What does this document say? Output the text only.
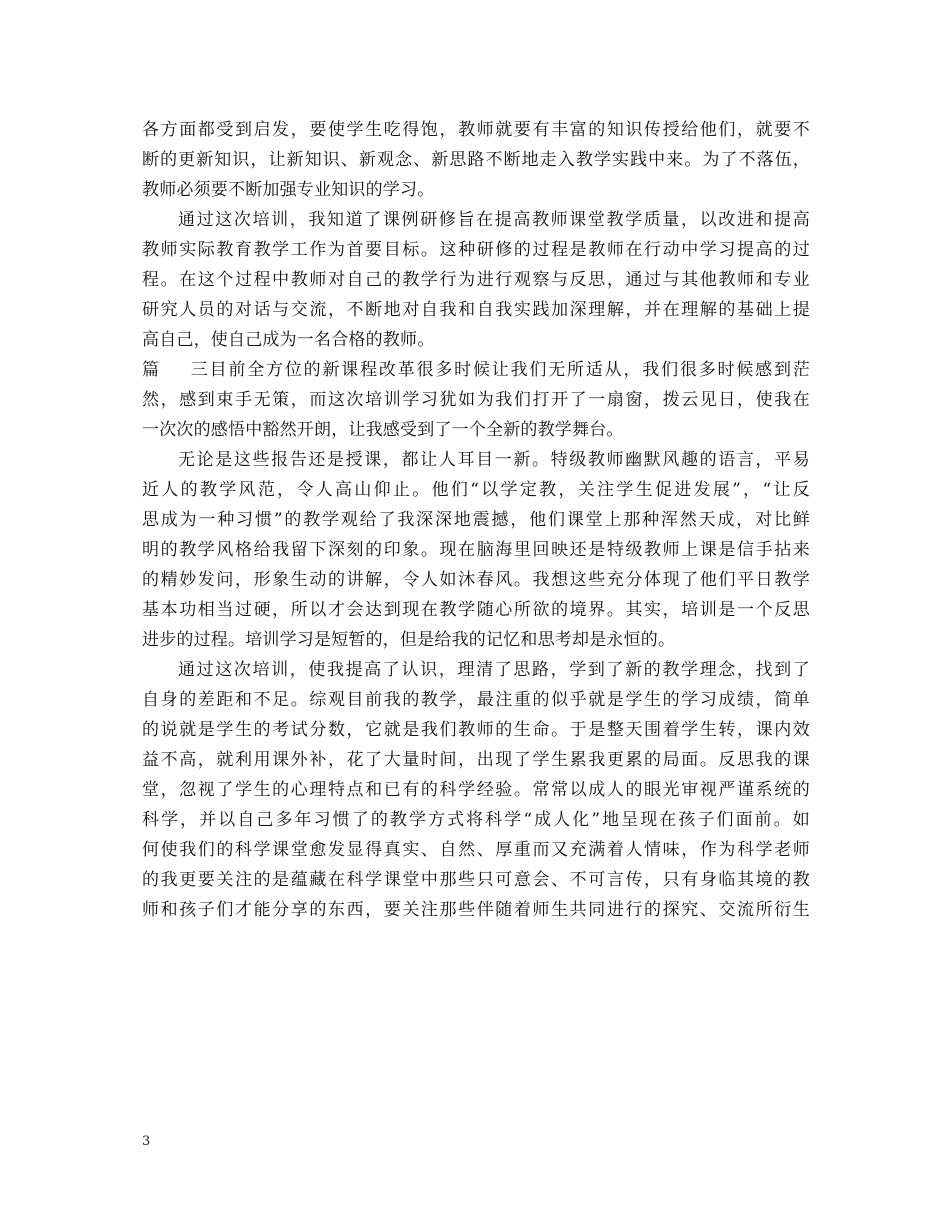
各方面都受到启发，要使学生吃得饱，教师就要有丰富的知识传授给他们，就要不
断的更新知识，让新知识、新观念、新思路不断地走入教学实践中来。为了不落伍，
教师必须要不断加强专业知识的学习。
通过这次培训，我知道了课例研修旨在提高教师课堂教学质量，以改进和提高
教师实际教育教学工作为首要目标。这种研修的过程是教师在行动中学习提高的过
程。在这个过程中教师对自己的教学行为进行观察与反思，通过与其他教师和专业
研究人员的对话与交流，不断地对自我和自我实践加深理解，并在理解的基础上提
高自己，使自己成为一名合格的教师。
篇三目前全方位的新课程改革很多时候让我们无所适从，我们很多时候感到茫
然，感到束手无策，而这次培训学习犹如为我们打开了一扇窗，拨云见日，使我在
一次次的感悟中豁然开朗，让我感受到了一个全新的教学舞台。
无论是这些报告还是授课，都让人耳目一新。特级教师幽默风趣的语言，平易
近人的教学风范，令人高山仰止。他们“以学定教，关注学生促进发展”，“让反
思成为一种习惯”的教学观给了我深深地震撼，他们课堂上那种浑然天成，对比鲜
明的教学风格给我留下深刻的印象。现在脑海里回映还是特级教师上课是信手拈来
的精妙发问，形象生动的讲解，令人如沐春风。我想这些充分体现了他们平日教学
基本功相当过硬，所以才会达到现在教学随心所欲的境界。其实，培训是一个反思
进步的过程。培训学习是短暂的，但是给我的记忆和思考却是永恒的。
通过这次培训，使我提高了认识，理清了思路，学到了新的教学理念，找到了
自身的差距和不足。综观目前我的教学，最注重的似乎就是学生的学习成绩，简单
的说就是学生的考试分数，它就是我们教师的生命。于是整天围着学生转，课内效
益不高，就利用课外补，花了大量时间，出现了学生累我更累的局面。反思我的课
堂，忽视了学生的心理特点和已有的科学经验。常常以成人的眼光审视严谨系统的
科学，并以自己多年习惯了的教学方式将科学“成人化”地呈现在孩子们面前。如
何使我们的科学课堂愈发显得真实、自然、厚重而又充满着人情味，作为科学老师
的我更要关注的是蕴藏在科学课堂中那些只可意会、不可言传，只有身临其境的教
师和孩子们才能分享的东西，要关注那些伴随着师生共同进行的探究、交流所衍生
3
